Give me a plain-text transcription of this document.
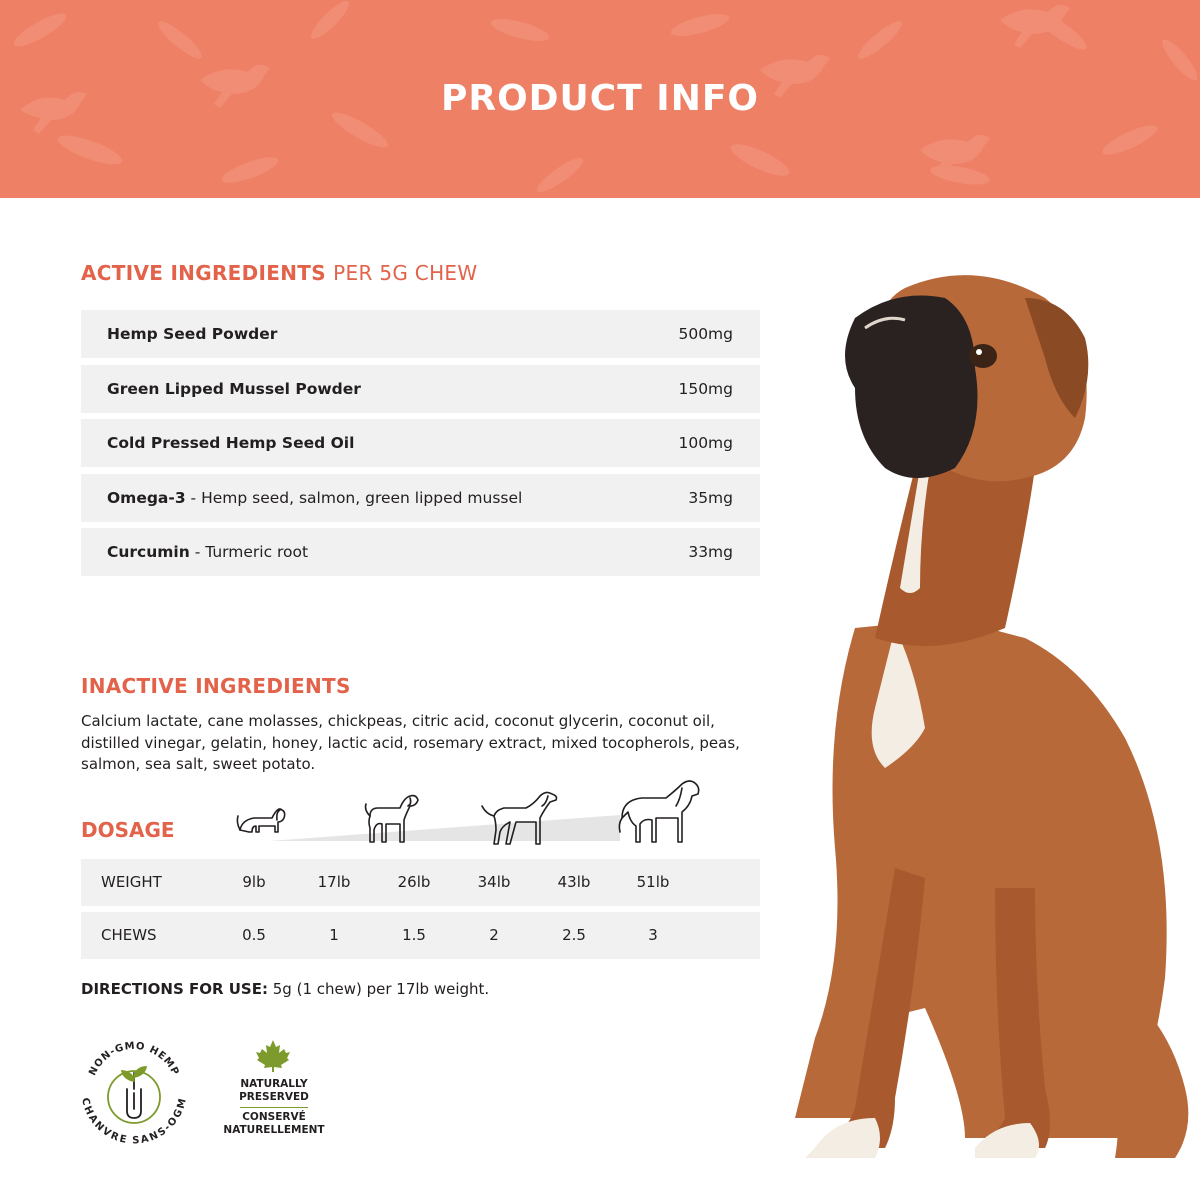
PRODUCT INFO
ACTIVE INGREDIENTS PER 5G CHEW
Hemp Seed Powder	500mg
Green Lipped Mussel Powder	150mg
Cold Pressed Hemp Seed Oil	100mg
Omega-3 - Hemp seed, salmon, green lipped mussel	35mg
Curcumin - Turmeric root	33mg
INACTIVE INGREDIENTS
Calcium lactate, cane molasses, chickpeas, citric acid, coconut glycerin, coconut oil, distilled vinegar, gelatin, honey, lactic acid, rosemary extract, mixed tocopherols, peas, salmon, sea salt, sweet potato.
DOSAGE
WEIGHT	9lb	17lb	26lb	34lb	43lb	51lb
CHEWS	0.5	1	1.5	2	2.5	3
DIRECTIONS FOR USE: 5g (1 chew) per 17lb weight.
NON-GMO HEMP
CHANVRE SANS-OGM
NATURALLY
PRESERVED
CONSERVÉ
NATURELLEMENT
